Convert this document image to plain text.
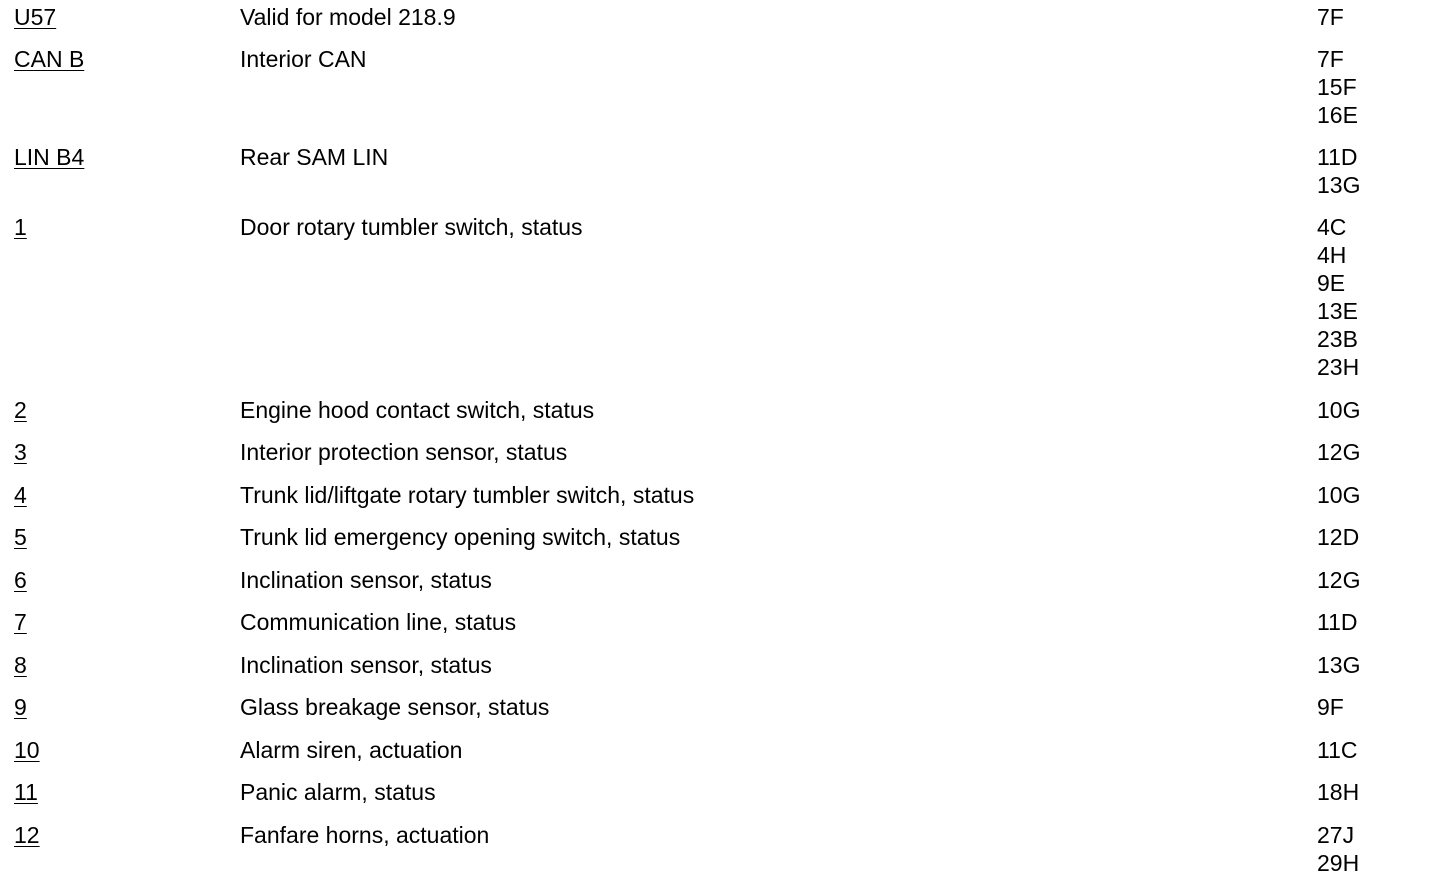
U57	Valid for model 218.9	7F
CAN B	Interior CAN	7F
15F
16E
LIN B4	Rear SAM LIN	11D
13G
1	Door rotary tumbler switch, status	4C
4H
9E
13E
23B
23H
2	Engine hood contact switch, status	10G
3	Interior protection sensor, status	12G
4	Trunk lid/liftgate rotary tumbler switch, status	10G
5	Trunk lid emergency opening switch, status	12D
6	Inclination sensor, status	12G
7	Communication line, status	11D
8	Inclination sensor, status	13G
9	Glass breakage sensor, status	9F
10	Alarm siren, actuation	11C
11	Panic alarm, status	18H
12	Fanfare horns, actuation	27J
29H
